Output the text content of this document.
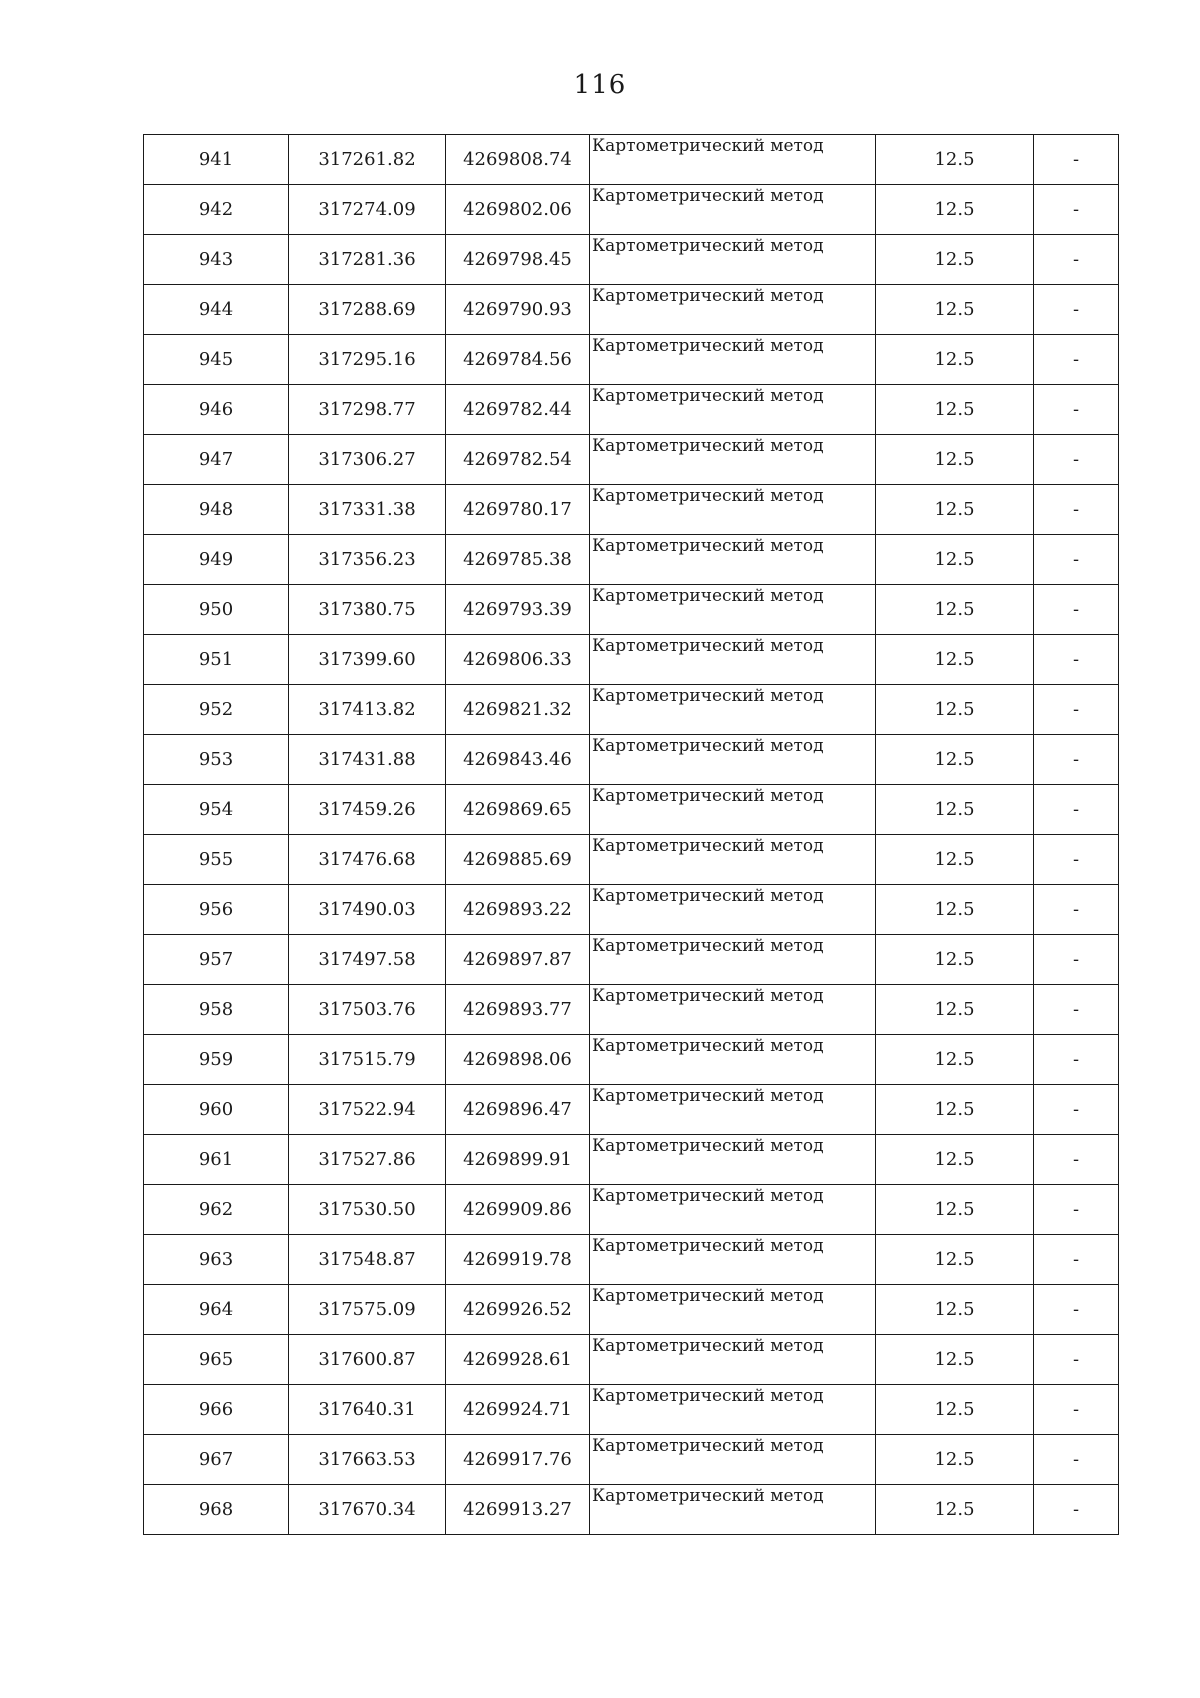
116
941	317261.82	4269808.74	Картометрический метод	12.5	-
942	317274.09	4269802.06	Картометрический метод	12.5	-
943	317281.36	4269798.45	Картометрический метод	12.5	-
944	317288.69	4269790.93	Картометрический метод	12.5	-
945	317295.16	4269784.56	Картометрический метод	12.5	-
946	317298.77	4269782.44	Картометрический метод	12.5	-
947	317306.27	4269782.54	Картометрический метод	12.5	-
948	317331.38	4269780.17	Картометрический метод	12.5	-
949	317356.23	4269785.38	Картометрический метод	12.5	-
950	317380.75	4269793.39	Картометрический метод	12.5	-
951	317399.60	4269806.33	Картометрический метод	12.5	-
952	317413.82	4269821.32	Картометрический метод	12.5	-
953	317431.88	4269843.46	Картометрический метод	12.5	-
954	317459.26	4269869.65	Картометрический метод	12.5	-
955	317476.68	4269885.69	Картометрический метод	12.5	-
956	317490.03	4269893.22	Картометрический метод	12.5	-
957	317497.58	4269897.87	Картометрический метод	12.5	-
958	317503.76	4269893.77	Картометрический метод	12.5	-
959	317515.79	4269898.06	Картометрический метод	12.5	-
960	317522.94	4269896.47	Картометрический метод	12.5	-
961	317527.86	4269899.91	Картометрический метод	12.5	-
962	317530.50	4269909.86	Картометрический метод	12.5	-
963	317548.87	4269919.78	Картометрический метод	12.5	-
964	317575.09	4269926.52	Картометрический метод	12.5	-
965	317600.87	4269928.61	Картометрический метод	12.5	-
966	317640.31	4269924.71	Картометрический метод	12.5	-
967	317663.53	4269917.76	Картометрический метод	12.5	-
968	317670.34	4269913.27	Картометрический метод	12.5	-
